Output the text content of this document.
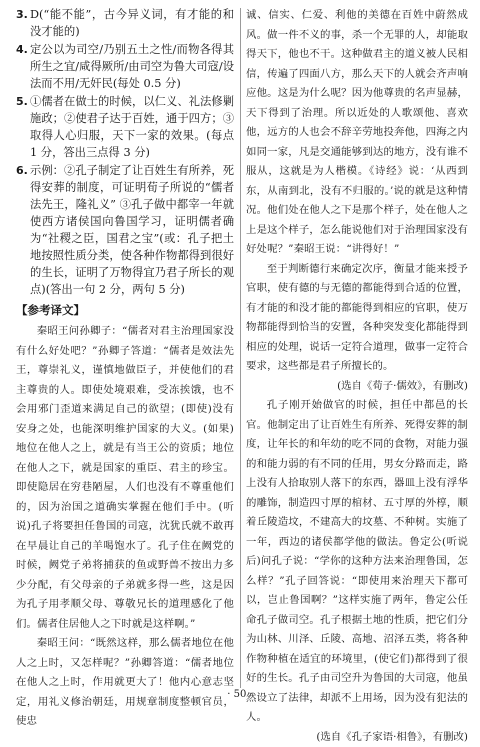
3. D(“能不能”，古今异义词，有才能的和没才能的)

4. 定公以为司空/乃别五土之性/而物各得其所生之宜/咸得厥所/由司空为鲁大司寇/设法而不用/无奸民(每处 0.5 分)

5. ①儒者在做士的时候，以仁义、礼法修剿施政；②使君子达于百姓，通于四方；③取得人心归服，天下一家的效果。(每点 1 分，答出三点得 3 分)

6. 示例：②孔子制定了让百姓生有所养，死得安葬的制度，可证明荀子所说的“儒者法先王，隆礼义” ③孔子做中都宰一年就使西方诸侯国向鲁国学习，证明儒者确为“社稷之臣，国君之宝”(或：孔子把土地按照性质分类，使各种作物都得到很好的生长，证明了万物得宜乃君子所长的观点)(答出一句 2 分，两句 5 分)

【参考译文】

秦昭王问孙卿子：“儒者对君主治理国家没有什么好处吧？”孙卿子答道：“儒者是效法先王，尊崇礼义，谨慎地做臣子，并使他们的君主尊贵的人。即使处境艰难，受冻挨饿，也不会用邪门歪道来满足自己的欲望；(即使)没有安身之处，也能深明维护国家的大义。(如果)地位在他人之上，就是有当王公的资质；地位在他人之下，就是国家的重臣、君主的珍宝。即使隐居在穷巷陋屋，人们也没有不尊重他们的，因为治国之道确实掌握在他们手中。(听说)孔子将要担任鲁国的司寇，沈犹氏就不敢再在早晨让自己的羊喝饱水了。孔子住在阙党的时候，阙党子弟将捕获的鱼或野兽不按出力多少分配，有父母亲的子弟就多得一些，这是因为孔子用孝顺父母、尊敬兄长的道理感化了他们。儒者住居他人之下时就是这样啊。”

秦昭王问：“既然这样，那么儒者地位在他人之上时，又怎样呢？”孙卿答道：“儒者地位在他人之上时，作用就更大了！他内心意志坚定，用礼义修治朝廷，用规章制度整顿官员，使忠

诚、信实、仁爱、利他的美德在百姓中蔚然成风。做一件不义的事，杀一个无罪的人，却能取得天下，他也不干。这种做君主的道义被人民相信，传遍了四面八方，那么天下的人就会齐声响应他。这是为什么呢？因为他尊贵的名声显赫，天下得到了治理。所以近处的人歌颂他、喜欢他，远方的人也会不辞辛劳地投奔他，四海之内如同一家，凡是交通能够到达的地方，没有谁不服从，这就是为人楷模。《诗经》说：‘从西到东，从南到北，没有不归服的。’说的就是这种情况。他们处在他人之下是那个样子，处在他人之上是这个样子，怎么能说他们对于治理国家没有好处呢？”秦昭王说：“讲得好！”

至于判断德行来确定次序，衡量才能来授予官职，使有德的与无德的都能得到合适的位置，有才能的和没才能的都能得到相应的官职，使万物都能得到恰当的安置，各种突发变化都能得到相应的处理，说话一定符合道理，做事一定符合要求，这些都是君子所擅长的。

(选自《荀子·儒效》，有删改)

孔子刚开始做官的时候，担任中都邑的长官。他制定出了让百姓生有所养、死得安葬的制度，让年长的和年幼的吃不同的食物，对能力强的和能力弱的有不同的任用，男女分路而走，路上没有人拾取别人落下的东西，器皿上没有浮华的雕饰，制造四寸厚的棺材、五寸厚的外椁，顺着丘陵造坟，不建高大的坟墓、不种树。实施了一年，西边的诸侯都学他的做法。鲁定公(听说后)问孔子说：“学你的这种方法来治理鲁国，怎么样？”孔子回答说：“即使用来治理天下都可以，岂止鲁国啊？”这样实施了两年，鲁定公任命孔子做司空。孔子根据土地的性质，把它们分为山林、川泽、丘陵、高地、沼泽五类，将各种作物种植在适宜的环境里，(使它们)都得到了很好的生长。孔子由司空升为鲁国的大司寇，他虽然设立了法律，却派不上用场，因为没有犯法的人。

(选自《孔子家语·相鲁》，有删改)

· 50 ·
